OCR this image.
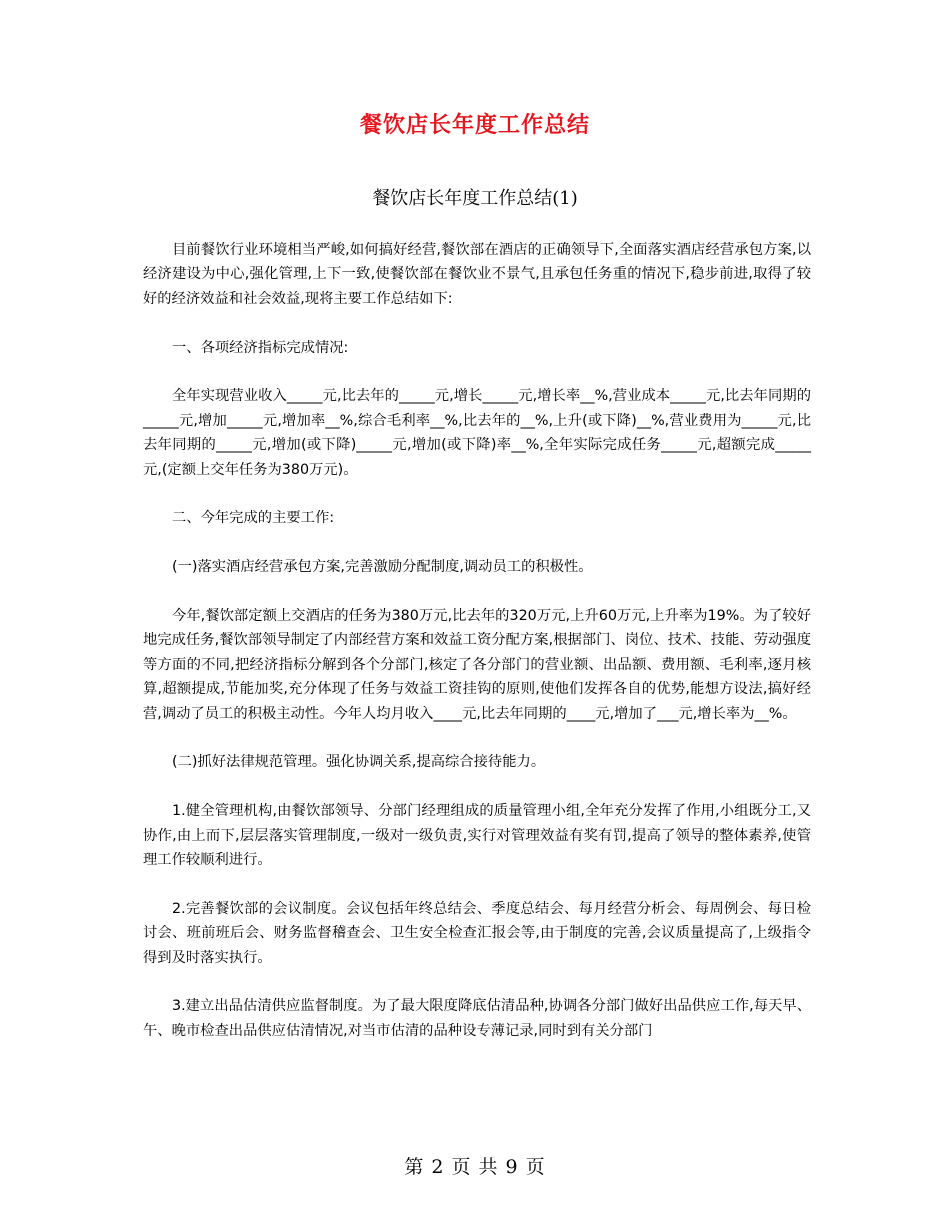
餐饮店长年度工作总结
餐饮店长年度工作总结(1)

目前餐饮行业环境相当严峻,如何搞好经营,餐饮部在酒店的正确领导下,全面落实酒店经营承包方案,以经济建设为中心,强化管理,上下一致,使餐饮部在餐饮业不景气,且承包任务重的情况下,稳步前进,取得了较好的经济效益和社会效益,现将主要工作总结如下:

一、各项经济指标完成情况:

全年实现营业收入_____元,比去年的_____元,增长_____元,增长率__%,营业成本_____元,比去年同期的_____元,增加_____元,增加率__%,综合毛利率__%,比去年的__%,上升(或下降)__%,营业费用为_____元,比去年同期的_____元,增加(或下降)_____元,增加(或下降)率__%,全年实际完成任务_____元,超额完成_____元,(定额上交年任务为380万元)。

二、今年完成的主要工作:

(一)落实酒店经营承包方案,完善激励分配制度,调动员工的积极性。

今年,餐饮部定额上交酒店的任务为380万元,比去年的320万元,上升60万元,上升率为19%。为了较好地完成任务,餐饮部领导制定了内部经营方案和效益工资分配方案,根据部门、岗位、技术、技能、劳动强度等方面的不同,把经济指标分解到各个分部门,核定了各分部门的营业额、出品额、费用额、毛利率,逐月核算,超额提成,节能加奖,充分体现了任务与效益工资挂钩的原则,使他们发挥各自的优势,能想方设法,搞好经营,调动了员工的积极主动性。今年人均月收入____元,比去年同期的____元,增加了___元,增长率为__%。

(二)抓好法律规范管理。强化协调关系,提高综合接待能力。

1.健全管理机构,由餐饮部领导、分部门经理组成的质量管理小组,全年充分发挥了作用,小组既分工,又协作,由上而下,层层落实管理制度,一级对一级负责,实行对管理效益有奖有罚,提高了领导的整体素养,使管理工作较顺利进行。

2.完善餐饮部的会议制度。会议包括年终总结会、季度总结会、每月经营分析会、每周例会、每日检讨会、班前班后会、财务监督稽查会、卫生安全检查汇报会等,由于制度的完善,会议质量提高了,上级指令得到及时落实执行。

3.建立出品估清供应监督制度。为了最大限度降底估清品种,协调各分部门做好出品供应工作,每天早、午、晚市检查出品供应估清情况,对当市估清的品种设专薄记录,同时到有关分部门

第 2 页 共 9 页
